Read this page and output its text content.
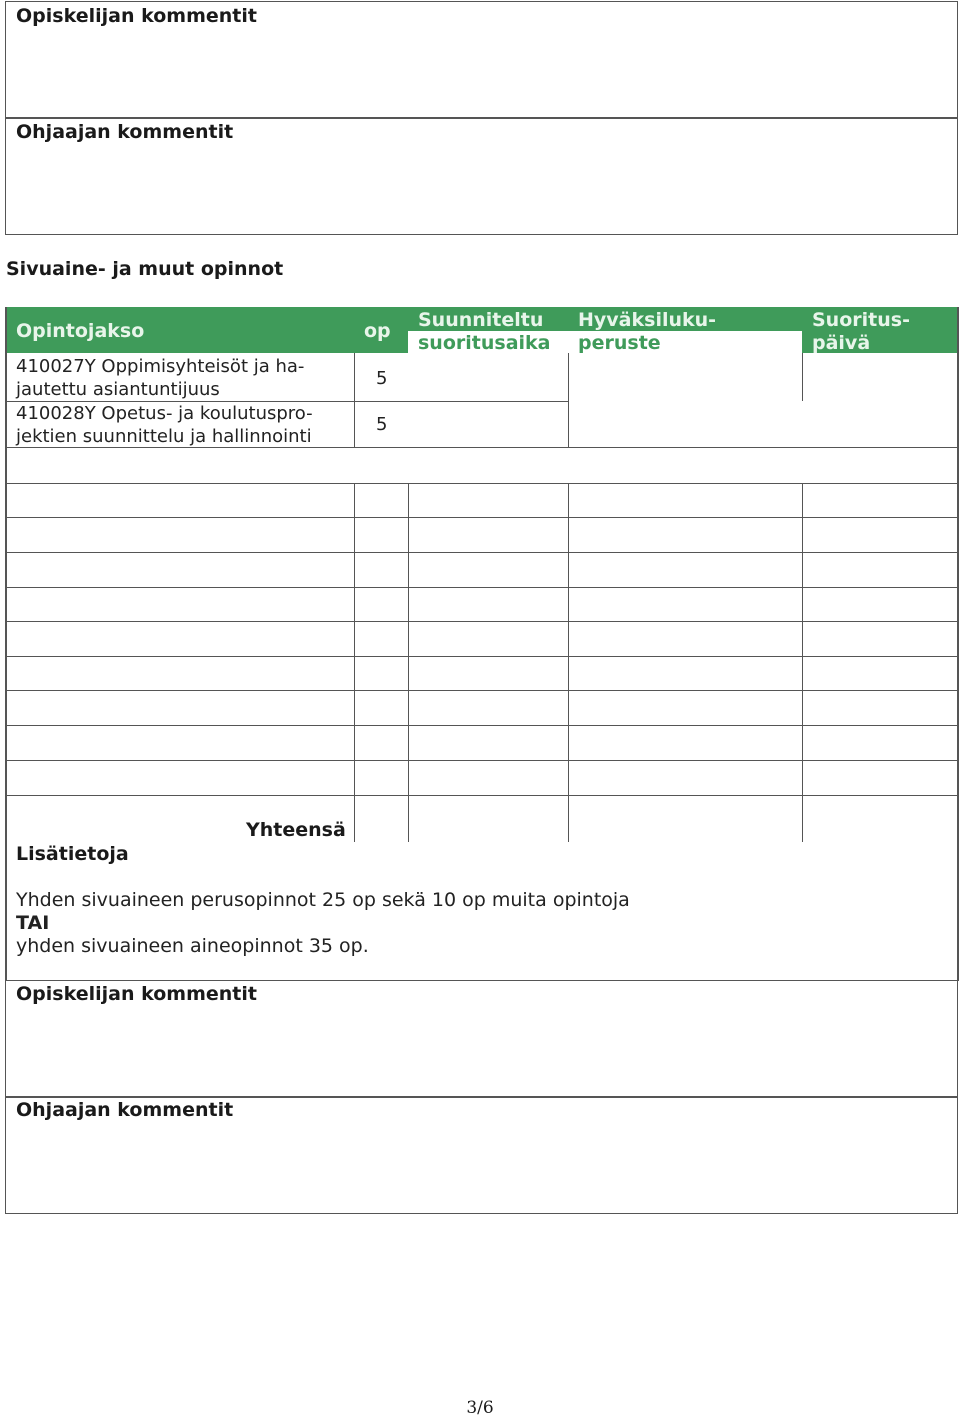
Opiskelijan kommentit
Ohjaajan kommentit
Sivuaine- ja muut opinnot
Opintojakso	op Suunniteltu
suoritusaika
Hyväksiluku-
peruste
Suoritus-
päivä
410027Y Oppimisyhteisöt ja ha-
jautettu asiantuntijuus
5
410028Y Opetus- ja koulutuspro-
jektien suunnittelu ja hallinnointi
5
Yhteensä
Lisätietoja
Yhden sivuaineen perusopinnot 25 op sekä 10 op muita opintoja
TAI
yhden sivuaineen aineopinnot 35 op.
Opiskelijan kommentit
Ohjaajan kommentit
3/6
